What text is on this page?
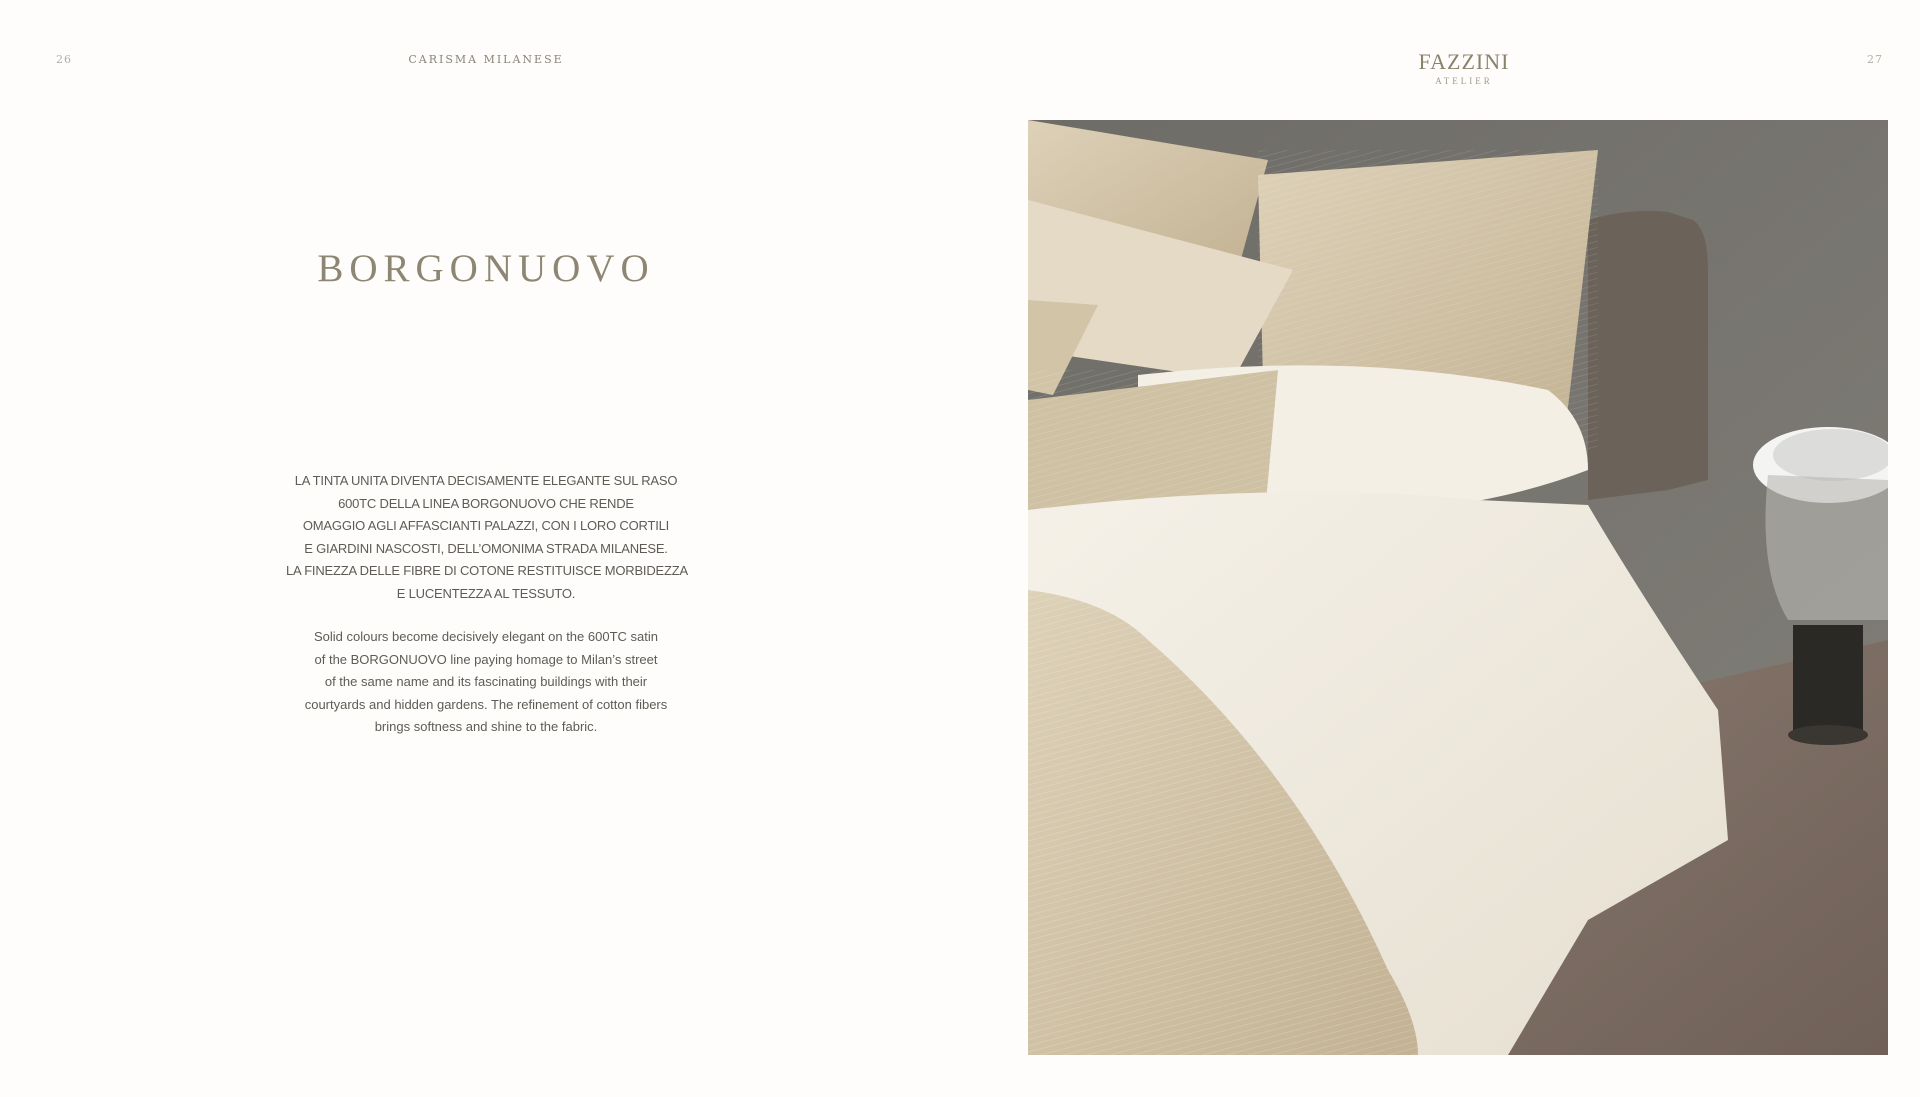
26	CARISMA MILANESE	FAZZINI
ATELIER
27
BORGONUOVO

LA TINTA UNITA DIVENTA DECISAMENTE ELEGANTE SUL RASO

600TC DELLA LINEA BORGONUOVO CHE RENDE

OMAGGIO AGLI AFFASCIANTI PALAZZI, CON I LORO CORTILI

E GIARDINI NASCOSTI, DELL’OMONIMA STRADA MILANESE.

LA FINEZZA DELLE FIBRE DI COTONE RESTITUISCE MORBIDEZZA

E LUCENTEZZA AL TESSUTO.

Solid colours become decisively elegant on the 600TC satin

of the BORGONUOVO line paying homage to Milan’s street

of the same name and its fascinating buildings with their

courtyards and hidden gardens. The refinement of cotton fibers

brings softness and shine to the fabric.
